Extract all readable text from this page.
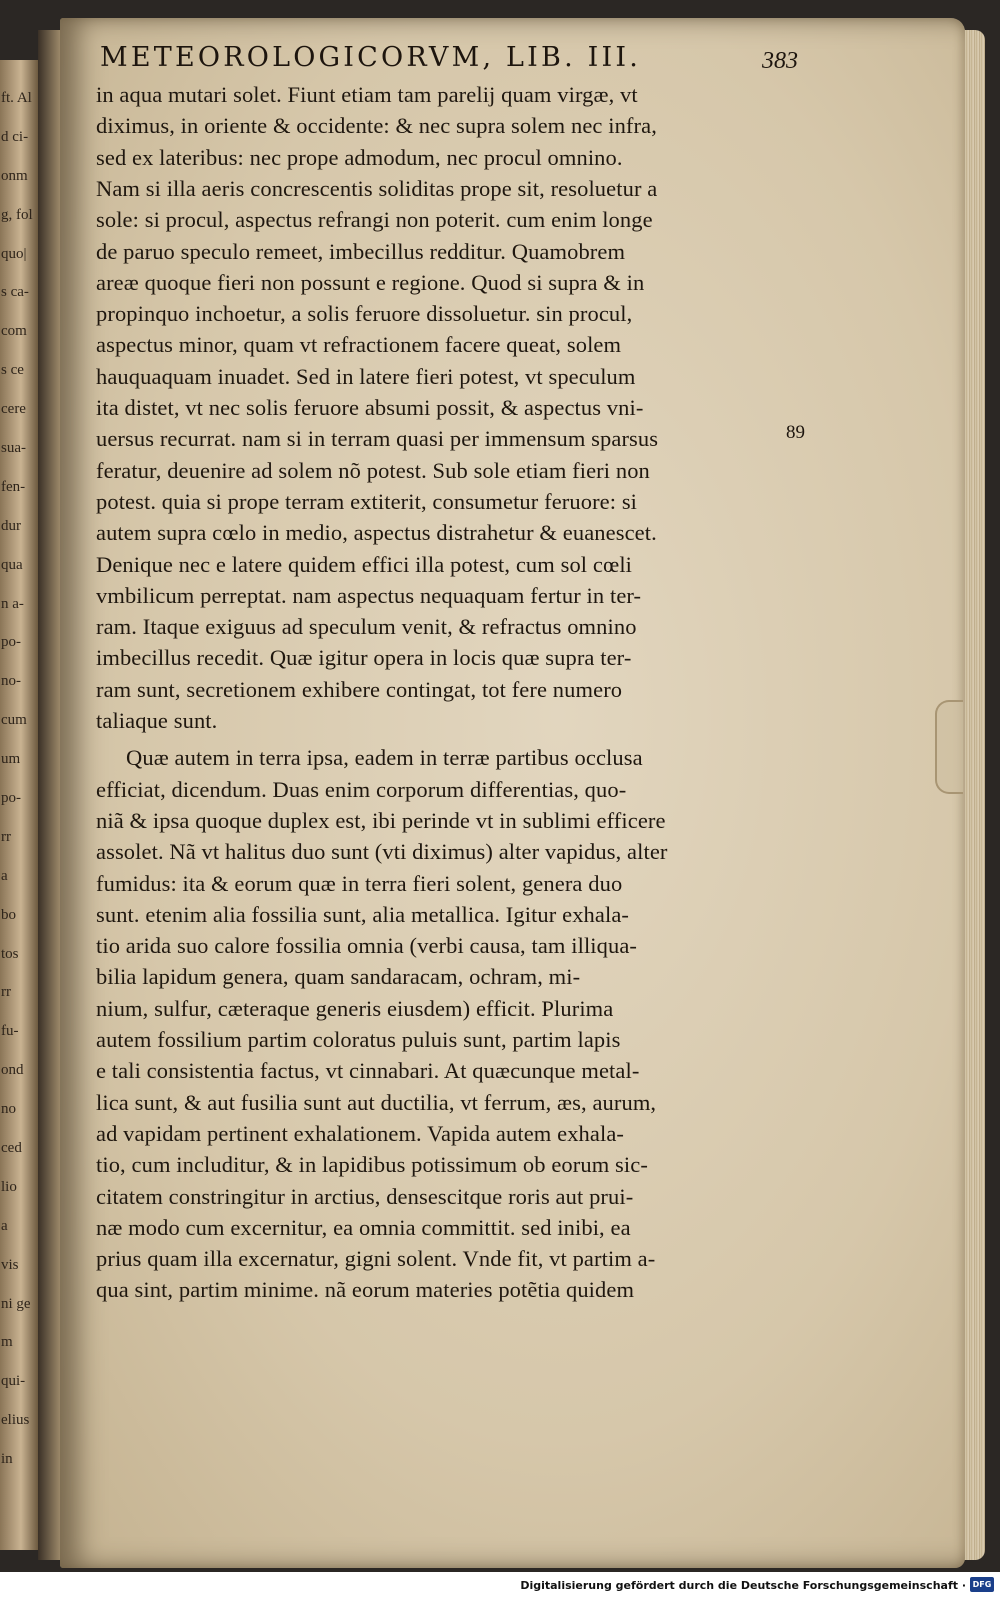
ft. Al
d ci-
onm
g, fol
quo|
s ca-
com
s ce
cere
sua-
fen-
dur
qua
n a-
po-
no-
cum
um
po-
rr
a
bo
tos
rr
fu-
ond
no
ced
lio
a
vis
ni ge
m
qui-
elius
in
METEOROLOGICORVM, LIB. III.	383
89
in aqua mutari solet. Fiunt etiam tam parelij quam virgæ, vt
diximus, in oriente & occidente: & nec supra solem nec infra,
sed ex lateribus: nec prope admodum, nec procul omnino.
Nam si illa aeris concrescentis soliditas prope sit, resoluetur a
sole: si procul, aspectus refrangi non poterit. cum enim longe
de paruo speculo remeet, imbecillus redditur. Quamobrem
areæ quoque fieri non possunt e regione. Quod si supra & in
propinquo inchoetur, a solis feruore dissoluetur. sin procul,
aspectus minor, quam vt refractionem facere queat, solem
hauquaquam inuadet. Sed in latere fieri potest, vt speculum
ita distet, vt nec solis feruore absumi possit, & aspectus vni-
uersus recurrat. nam si in terram quasi per immensum sparsus
feratur, deuenire ad solem nõ potest. Sub sole etiam fieri non
potest. quia si prope terram extiterit, consumetur feruore: si
autem supra cœlo in medio, aspectus distrahetur & euanescet.
Denique nec e latere quidem effici illa potest, cum sol cœli
vmbilicum perreptat. nam aspectus nequaquam fertur in ter-
ram. Itaque exiguus ad speculum venit, & refractus omnino
imbecillus recedit. Quæ igitur opera in locis quæ supra ter-
ram sunt, secretionem exhibere contingat, tot fere numero
taliaque sunt.
Quæ autem in terra ipsa, eadem in terræ partibus occlusa
efficiat, dicendum. Duas enim corporum differentias, quo-
niã & ipsa quoque duplex est, ibi perinde vt in sublimi efficere
assolet. Nã vt halitus duo sunt (vti diximus) alter vapidus, alter
fumidus: ita & eorum quæ in terra fieri solent, genera duo
sunt. etenim alia fossilia sunt, alia metallica. Igitur exhala-
tio arida suo calore fossilia omnia (verbi causa, tam illiqua-
bilia lapidum genera, quam sandaracam, ochram, mi-
nium, sulfur, cæteraque generis eiusdem) efficit. Plurima
autem fossilium partim coloratus puluis sunt, partim lapis
e tali consistentia factus, vt cinnabari. At quæcunque metal-
lica sunt, & aut fusilia sunt aut ductilia, vt ferrum, æs, aurum,
ad vapidam pertinent exhalationem. Vapida autem exhala-
tio, cum includitur, & in lapidibus potissimum ob eorum sic-
citatem constringitur in arctius, densescitque roris aut prui-
næ modo cum excernitur, ea omnia committit. sed inibi, ea
prius quam illa excernatur, gigni solent. Vnde fit, vt partim a-
qua sint, partim minime. nã eorum materies potẽtia quidem
Digitalisierung gefördert durch die Deutsche Forschungsgemeinschaft · DFG
